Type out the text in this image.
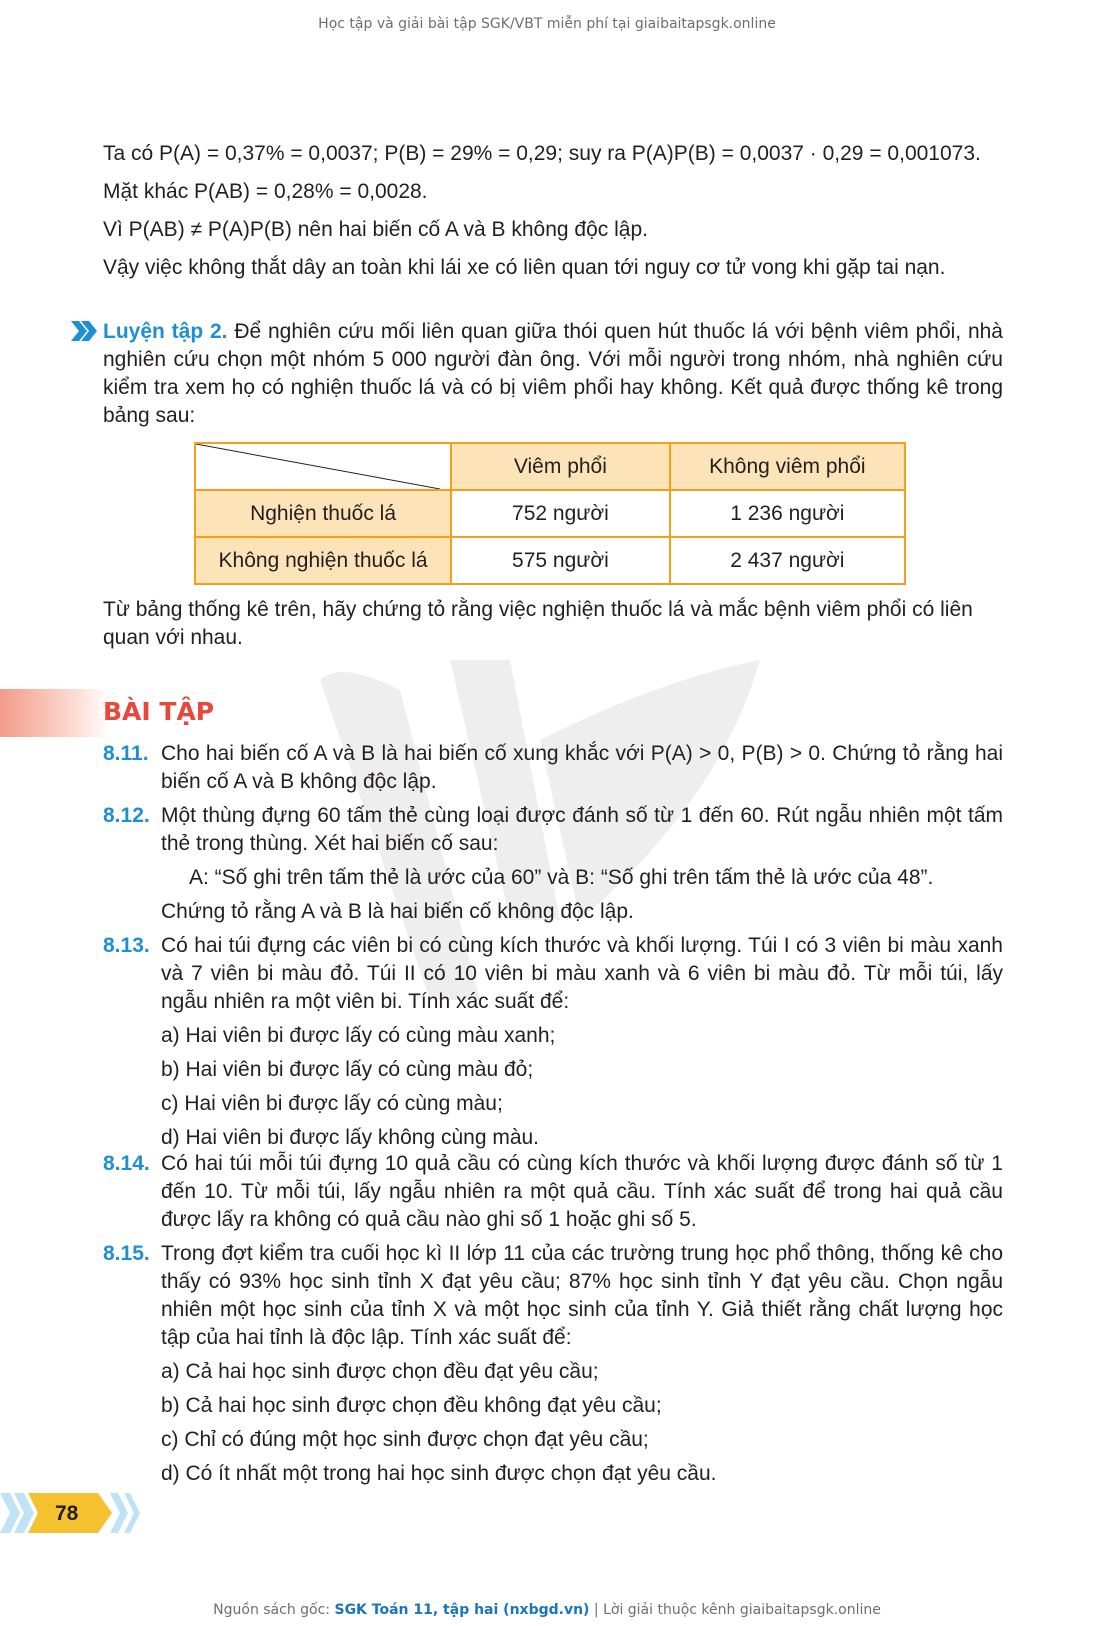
Học tập và giải bài tập SGK/VBT miễn phí tại giaibaitapsgk.online
Ta có P(A) = 0,37% = 0,0037; P(B) = 29% = 0,29; suy ra P(A)P(B) = 0,0037 · 0,29 = 0,001073.
Mặt khác P(AB) = 0,28% = 0,0028.
Vì P(AB) ≠ P(A)P(B) nên hai biến cố A và B không độc lập.
Vậy việc không thắt dây an toàn khi lái xe có liên quan tới nguy cơ tử vong khi gặp tai nạn.
Luyện tập 2. Để nghiên cứu mối liên quan giữa thói quen hút thuốc lá với bệnh viêm phổi, nhà nghiên cứu chọn một nhóm 5 000 người đàn ông. Với mỗi người trong nhóm, nhà nghiên cứu kiểm tra xem họ có nghiện thuốc lá và có bị viêm phổi hay không. Kết quả được thống kê trong bảng sau:
	Viêm phổi	Không viêm phổi
Nghiện thuốc lá	752 người	1 236 người
Không nghiện thuốc lá	575 người	2 437 người
Từ bảng thống kê trên, hãy chứng tỏ rằng việc nghiện thuốc lá và mắc bệnh viêm phổi có liên quan với nhau.
BÀI TẬP
8.11. Cho hai biến cố A và B là hai biến cố xung khắc với P(A) > 0, P(B) > 0. Chứng tỏ rằng hai biến cố A và B không độc lập.
8.12. Một thùng đựng 60 tấm thẻ cùng loại được đánh số từ 1 đến 60. Rút ngẫu nhiên một tấm thẻ trong thùng. Xét hai biến cố sau:
A: “Số ghi trên tấm thẻ là ước của 60” và B: “Số ghi trên tấm thẻ là ước của 48”.
Chứng tỏ rằng A và B là hai biến cố không độc lập.
8.13. Có hai túi đựng các viên bi có cùng kích thước và khối lượng. Túi I có 3 viên bi màu xanh và 7 viên bi màu đỏ. Túi II có 10 viên bi màu xanh và 6 viên bi màu đỏ. Từ mỗi túi, lấy ngẫu nhiên ra một viên bi. Tính xác suất để:
a) Hai viên bi được lấy có cùng màu xanh;
b) Hai viên bi được lấy có cùng màu đỏ;
c) Hai viên bi được lấy có cùng màu;
d) Hai viên bi được lấy không cùng màu.
8.14. Có hai túi mỗi túi đựng 10 quả cầu có cùng kích thước và khối lượng được đánh số từ 1 đến 10. Từ mỗi túi, lấy ngẫu nhiên ra một quả cầu. Tính xác suất để trong hai quả cầu được lấy ra không có quả cầu nào ghi số 1 hoặc ghi số 5.
8.15. Trong đợt kiểm tra cuối học kì II lớp 11 của các trường trung học phổ thông, thống kê cho thấy có 93% học sinh tỉnh X đạt yêu cầu; 87% học sinh tỉnh Y đạt yêu cầu. Chọn ngẫu nhiên một học sinh của tỉnh X và một học sinh của tỉnh Y. Giả thiết rằng chất lượng học tập của hai tỉnh là độc lập. Tính xác suất để:
a) Cả hai học sinh được chọn đều đạt yêu cầu;
b) Cả hai học sinh được chọn đều không đạt yêu cầu;
c) Chỉ có đúng một học sinh được chọn đạt yêu cầu;
d) Có ít nhất một trong hai học sinh được chọn đạt yêu cầu.
78
Nguồn sách gốc: SGK Toán 11, tập hai (nxbgd.vn) | Lời giải thuộc kênh giaibaitapsgk.online
